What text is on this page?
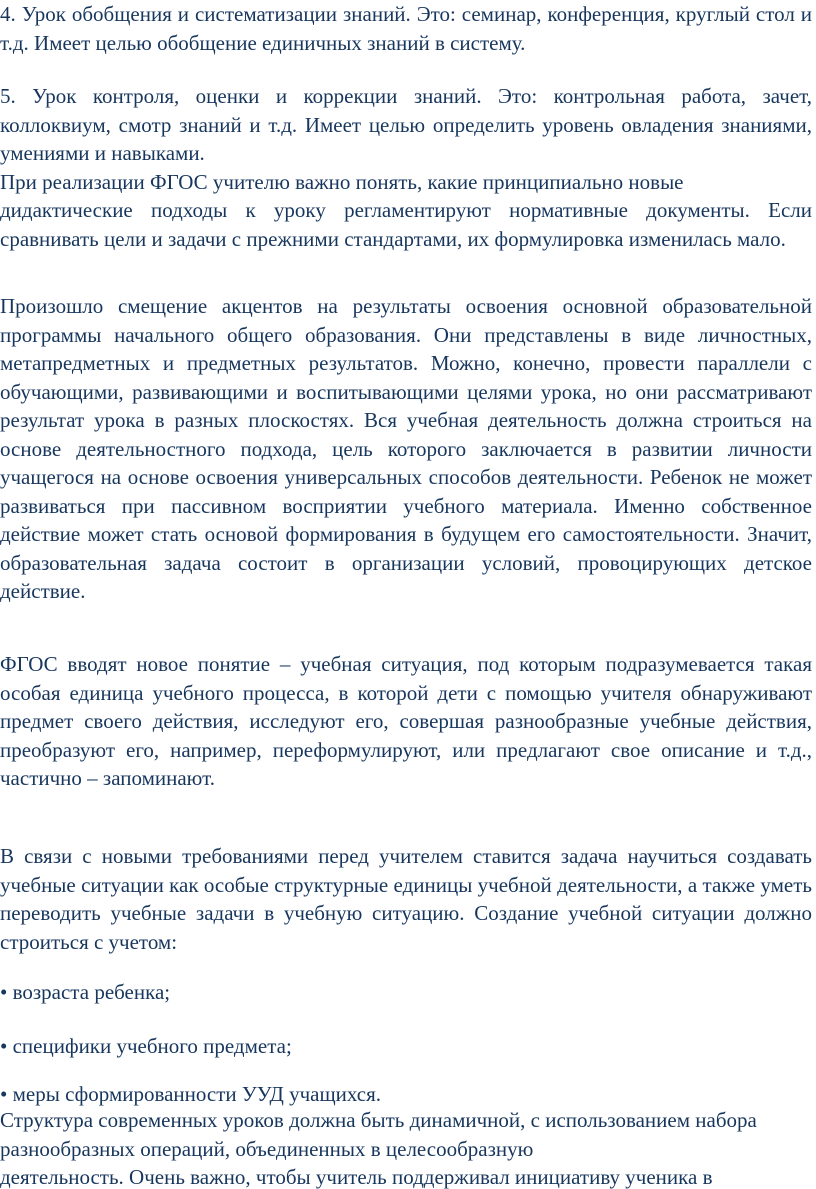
4. Урок обобщения и систематизации знаний. Это: семинар, конференция, круглый стол и т.д. Имеет целью обобщение единичных знаний в систему.

5. Урок контроля, оценки и коррекции знаний. Это: контрольная работа, зачет, коллоквиум, смотр знаний и т.д. Имеет целью определить уровень овладения знаниями, умениями и навыками.

При реализации ФГОС учителю важно понять, какие принципиально новые

дидактические подходы к уроку регламентируют нормативные документы. Если сравнивать цели и задачи с прежними стандартами, их формулировка изменилась мало.

Произошло смещение акцентов на результаты освоения основной образовательной программы начального общего образования. Они представлены в виде личностных, метапредметных и предметных результатов. Можно, конечно, провести параллели с обучающими, развивающими и воспитывающими целями урока, но они рассматривают результат урока в разных плоскостях. Вся учебная деятельность должна строиться на основе деятельностного подхода, цель которого заключается в развитии личности учащегося на основе освоения универсальных способов деятельности. Ребенок не может развиваться при пассивном восприятии учебного материала. Именно собственное действие может стать основой формирования в будущем его самостоятельности. Значит, образовательная задача состоит в организации условий, провоцирующих детское действие.

ФГОС вводят новое понятие – учебная ситуация, под которым подразумевается такая особая единица учебного процесса, в которой дети с помощью учителя обнаруживают предмет своего действия, исследуют его, совершая разнообразные учебные действия, преобразуют его, например, переформулируют, или предлагают свое описание и т.д., частично – запоминают.

В связи с новыми требованиями перед учителем ставится задача научиться создавать учебные ситуации как особые структурные единицы учебной деятельности, а также уметь переводить учебные задачи в учебную ситуацию. Создание учебной ситуации должно строиться с учетом:

• возраста ребенка;

• специфики учебного предмета;

• меры сформированности УУД учащихся.

Структура современных уроков должна быть динамичной, с использованием набора разнообразных операций, объединенных в целесообразную

деятельность. Очень важно, чтобы учитель поддерживал инициативу ученика в
